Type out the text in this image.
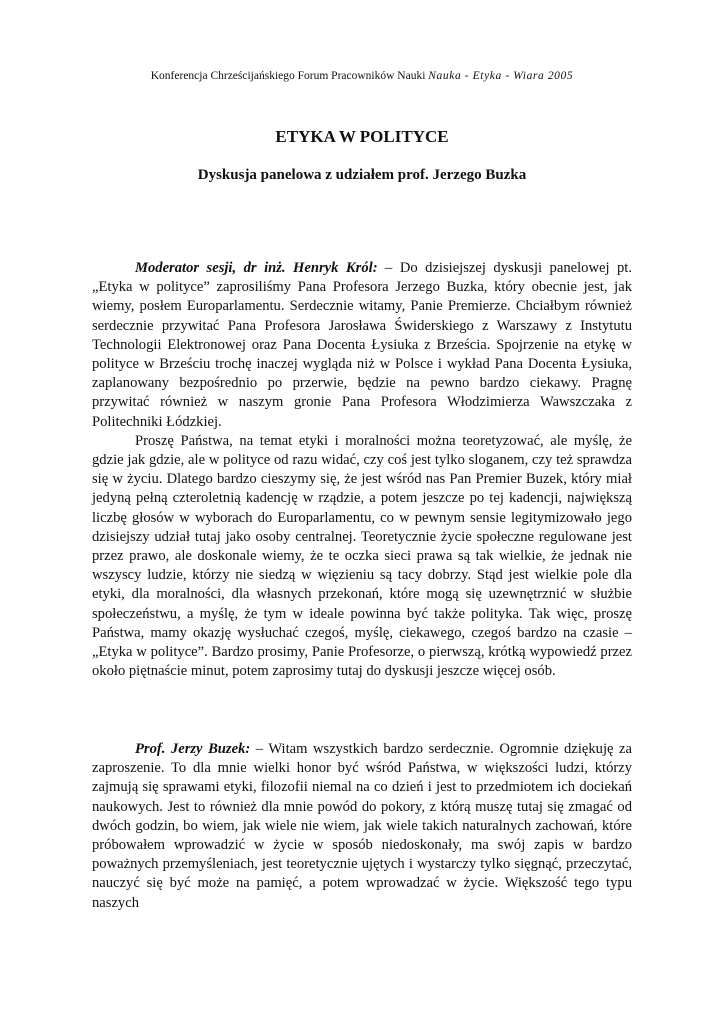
Konferencja Chrześcijańskiego Forum Pracowników Nauki Nauka - Etyka - Wiara 2005
ETYKA W POLITYCE
Dyskusja panelowa z udziałem prof. Jerzego Buzka

Moderator sesji, dr inż. Henryk Król: – Do dzisiejszej dyskusji panelowej pt. „Etyka w polityce” zaprosiliśmy Pana Profesora Jerzego Buzka, który obecnie jest, jak wiemy, posłem Europarlamentu. Serdecznie witamy, Panie Premierze. Chciałbym również serdecznie przywitać Pana Profesora Jarosława Świderskiego z Warszawy z Instytutu Technologii Elektronowej oraz Pana Docenta Łysiuka z Brześcia. Spojrzenie na etykę w polityce w Brześciu trochę inaczej wygląda niż w Polsce i wykład Pana Docenta Łysiuka, zaplanowany bezpośrednio po przerwie, będzie na pewno bardzo ciekawy. Pragnę przywitać również w naszym gronie Pana Profesora Włodzimierza Wawszczaka z Politechniki Łódzkiej.

Proszę Państwa, na temat etyki i moralności można teoretyzować, ale myślę, że gdzie jak gdzie, ale w polityce od razu widać, czy coś jest tylko sloganem, czy też sprawdza się w życiu. Dlatego bardzo cieszymy się, że jest wśród nas Pan Premier Buzek, który miał jedyną pełną czteroletnią kadencję w rządzie, a potem jeszcze po tej kadencji, największą liczbę głosów w wyborach do Europarlamentu, co w pewnym sensie legitymizowało jego dzisiejszy udział tutaj jako osoby centralnej. Teoretycznie życie społeczne regulowane jest przez prawo, ale doskonale wiemy, że te oczka sieci prawa są tak wielkie, że jednak nie wszyscy ludzie, którzy nie siedzą w więzieniu są tacy dobrzy. Stąd jest wielkie pole dla etyki, dla moralności, dla własnych przekonań, które mogą się uzewnętrznić w służbie społeczeństwu, a myślę, że tym w ideale powinna być także polityka. Tak więc, proszę Państwa, mamy okazję wysłuchać czegoś, myślę, ciekawego, czegoś bardzo na czasie – „Etyka w polityce”. Bardzo prosimy, Panie Profesorze, o pierwszą, krótką wypowiedź przez około piętnaście minut, potem zaprosimy tutaj do dyskusji jeszcze więcej osób.

Prof. Jerzy Buzek: – Witam wszystkich bardzo serdecznie. Ogromnie dziękuję za zaproszenie. To dla mnie wielki honor być wśród Państwa, w większości ludzi, którzy zajmują się sprawami etyki, filozofii niemal na co dzień i jest to przedmiotem ich dociekań naukowych. Jest to również dla mnie powód do pokory, z którą muszę tutaj się zmagać od dwóch godzin, bo wiem, jak wiele nie wiem, jak wiele takich naturalnych zachowań, które próbowałem wprowadzić w życie w sposób niedoskonały, ma swój zapis w bardzo poważnych przemyśleniach, jest teoretycznie ujętych i wystarczy tylko sięgnąć, przeczytać, nauczyć się być może na pamięć, a potem wprowadzać w życie. Większość tego typu naszych
